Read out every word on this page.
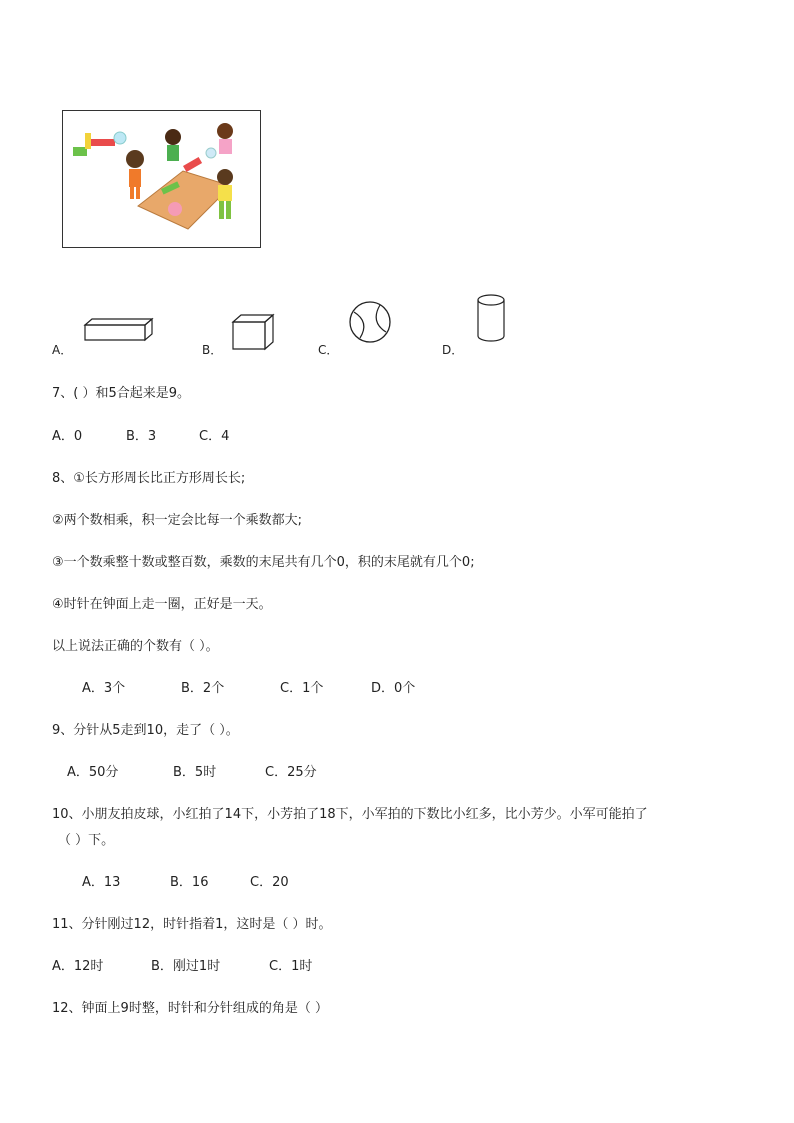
A．	B．	C．	D．
7、( ）和5合起来是9。
A．0	B．3	C．4
8、①长方形周长比正方形周长长;
②两个数相乘，积一定会比每一个乘数都大;
③一个数乘整十数或整百数，乘数的末尾共有几个0，积的末尾就有几个0;
④时针在钟面上走一圈，正好是一天。
以上说法正确的个数有（ ）。
A．3个	B．2个	C．1个	D．0个
9、分针从5走到10，走了（ ）。
A．50分	B．5时	C．25分
10、小朋友拍皮球，小红拍了14下，小芳拍了18下，小军拍的下数比小红多，比小芳少。小军可能拍了
（ ）下。
A．13	B．16	C．20
11、分针刚过12，时针指着1，这时是（ ）时。
A．12时	B．刚过1时	C．1时
12、钟面上9时整，时针和分针组成的角是（ ）
